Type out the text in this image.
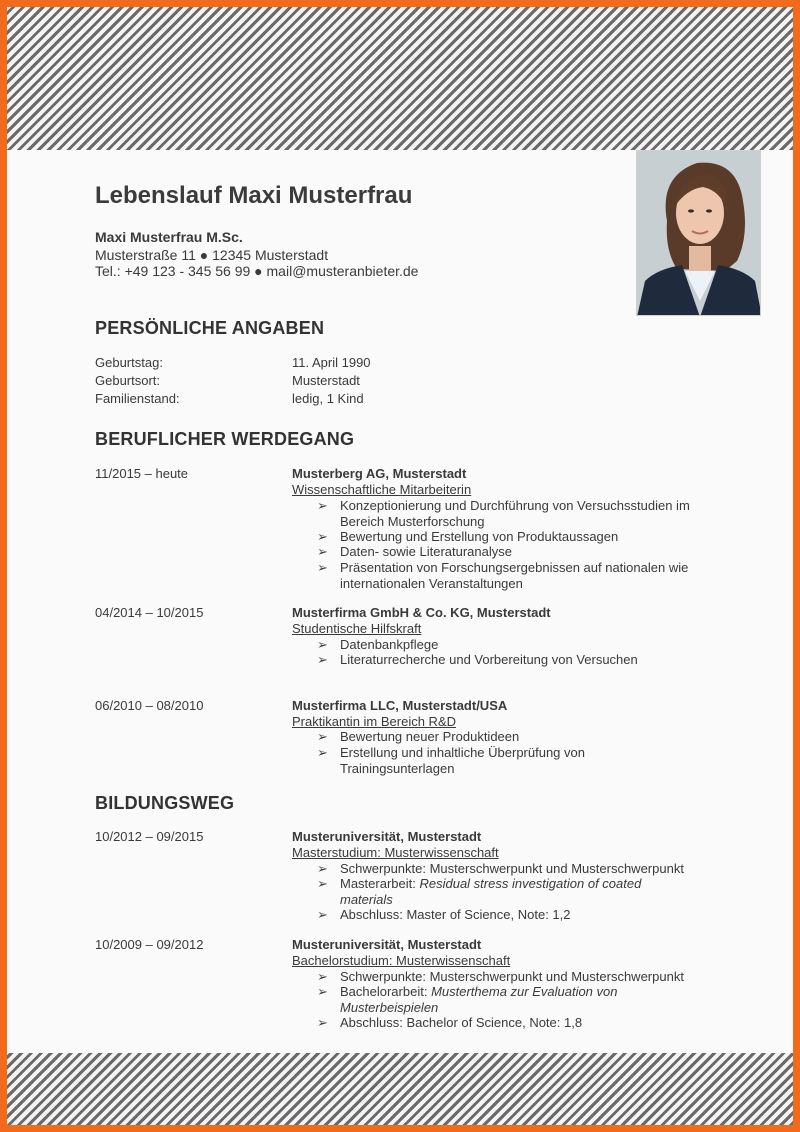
Lebenslauf Maxi Musterfrau
Maxi Musterfrau M.Sc.
Musterstraße 11 ● 12345 Musterstadt
Tel.: +49 123 - 345 56 99 ● mail@musteranbieter.de
PERSÖNLICHE ANGABEN
Geburtstag:	11. April 1990
Geburtsort:	Musterstadt
Familienstand:	ledig, 1 Kind
BERUFLICHER WERDEGANG
11/2015 – heute	Musterberg AG, Musterstadt
Wissenschaftliche Mitarbeiterin
➢ Konzeptionierung und Durchführung von Versuchsstudien im Bereich Musterforschung
➢ Bewertung und Erstellung von Produktaussagen
➢ Daten- sowie Literaturanalyse
➢ Präsentation von Forschungsergebnissen auf nationalen wie internationalen Veranstaltungen
04/2014 – 10/2015	Musterfirma GmbH & Co. KG, Musterstadt
Studentische Hilfskraft
➢ Datenbankpflege
➢ Literaturrecherche und Vorbereitung von Versuchen
06/2010 – 08/2010	Musterfirma LLC, Musterstadt/USA
Praktikantin im Bereich R&D
➢ Bewertung neuer Produktideen
➢ Erstellung und inhaltliche Überprüfung von Trainingsunterlagen
BILDUNGSWEG
10/2012 – 09/2015	Musteruniversität, Musterstadt
Masterstudium: Musterwissenschaft
➢ Schwerpunkte: Musterschwerpunkt und Musterschwerpunkt
➢ Masterarbeit: Residual stress investigation of coated materials
➢ Abschluss: Master of Science, Note: 1,2
10/2009 – 09/2012	Musteruniversität, Musterstadt
Bachelorstudium: Musterwissenschaft
➢ Schwerpunkte: Musterschwerpunkt und Musterschwerpunkt
➢ Bachelorarbeit: Musterthema zur Evaluation von Musterbeispielen
➢ Abschluss: Bachelor of Science, Note: 1,8
